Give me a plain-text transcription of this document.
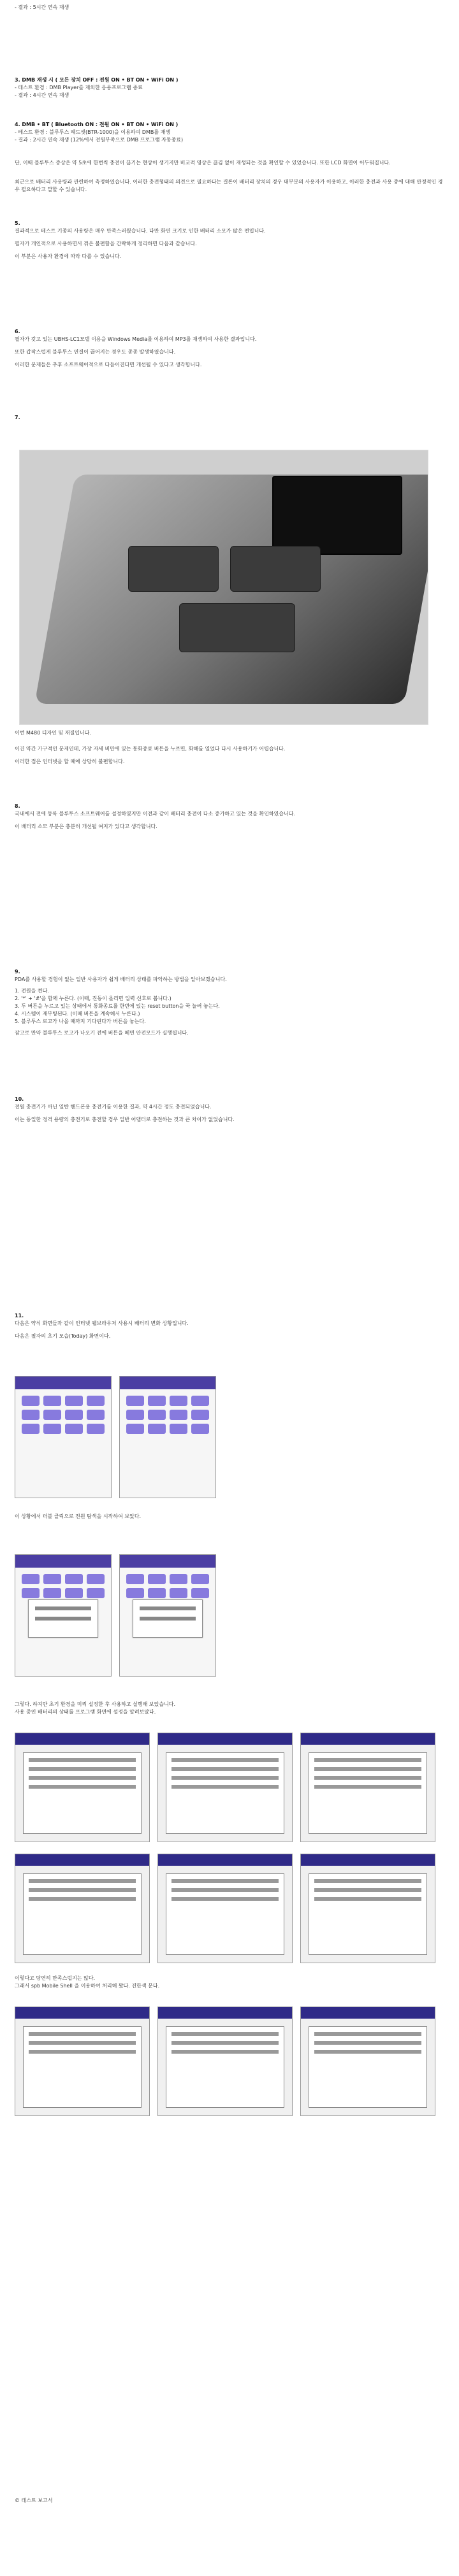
- 결과 : 5시간 연속 재생
3. DMB 재생 시 ( 모든 장치 OFF : 전원 ON • BT ON • WiFi ON )
- 테스트 환경 : DMB Player를 제외한 응용프로그램 종료
- 결과 : 4시간 연속 재생
4. DMB • BT ( Bluetooth ON : 전원 ON • BT ON • WiFi ON )
- 테스트 환경 : 블루투스 헤드셋(BTR-1000)을 이용하여 DMB를 재생
- 결과 : 2시간 연속 재생 (12%에서 전원부족으로 DMB 프로그램 자동종료)
단, 이때 블루투스 증상은 약 5초에 한번씩 충전이 끊기는 현상이 생기지만 비교적 영상은 끊김 없이 재생되는 것을 확인할 수 있었습니다. 또한 LCD 화면이 어두워집니다.
최근으로 배터리 사용량과 관련하여 측정하였습니다. 이러한 충전형태의 의견으로 필요하다는 결론이 배터리 장치의 경우 대부분의 사용자가 이용하고, 이러한 충전과 사용 중에 대해 안정적인 경우 필요하다고 말할 수 있습니다.
5.
결과적으로 테스트 기종의 사용량은 매우 만족스러웠습니다. 다만 화면 크기로 인한 배터리 소모가 많은 편입니다.
필자가 개인적으로 사용하면서 겪은 불편함을 간략하게 정리하면 다음과 같습니다.
이 부분은 사용자 환경에 따라 다를 수 있습니다.
6.
필자가 갖고 있는 UBHS-LC1모델 이용을 Windows Media를 이용하여 MP3를 재생하여 사용한 결과입니다.
또한 갑작스럽게 블루투스 연결이 끊어지는 경우도 종종 발생하였습니다.
이러한 문제들은 추후 소프트웨어적으로 다듬어진다면 개선될 수 있다고 생각합니다.
7.
이번 M480 디자인 및 재질입니다.
이건 약간 가구적인 문제인데, 가장 자세 비만에 있는 통화종료 버튼을 누르면, 화해를 열었다 다시 사용하기가 어렵습니다.
이러한 점은 인터넷을 할 때에 상당히 불편합니다.
8.
국내에서 전에 등록 블루투스 소프트웨어를 설정하였지만 이전과 같이 배터리 충전이 다소 증가하고 있는 것을 확인하였습니다.
이 배터리 소모 부분은 충분히 개선될 여지가 있다고 생각합니다.
9.
PDA를 사용할 경험이 없는 일반 사용자가 쉽게 배터리 상태를 파악하는 방법을 알아보겠습니다.
1. 전원을 켠다.
2. '*' + '#'을 함께 누른다. (이때, 진동이 올리면 입력 신호로 봅니다.)
3. 두 버튼을 누르고 있는 상태에서 통화종료를 한번에 있는 reset button을 꾹 눌러 놓는다.
4. 시스템이 재부팅된다. (이때 버튼을 계속해서 누른다.)
5. 블루투스 로고가 나올 때까지 기다린다가 버튼을 놓는다.
잠고로 만약 블루투스 로고가 나오기 전에 버튼을 떼면 안전모드가 실행됩니다.
10.
전원 충전기가 아닌 일반 핸드폰용 충전기를 이용한 결과, 약 4시간 정도 충전되었습니다.
이는 동일한 정격 용량의 충전기로 충전할 경우 일반 어댑터로 충전하는 것과 큰 차이가 없었습니다.
11.
다음은 약식 화면들과 같이 인터넷 웹브라우저 사용시 배터리 변화 상황입니다.
다음은 필자의 초기 모습(Today) 화면이다.
이 상황에서 더블 클릭으로 전원 탐색을 시작하여 보았다.
그렇다. 하지만 초기 환경을 미리 설정한 후 사용하고 실행해 보았습니다.
사용 중인 배터리의 상태를 프로그램 화면에 설정을 알려보았다.
이렇다고 당연히 만족스럽지는 않다.
그래서 spb Mobile Shell 을 이용하여 처리해 봤다. 진한색 문다.
© 테스트 보고서
